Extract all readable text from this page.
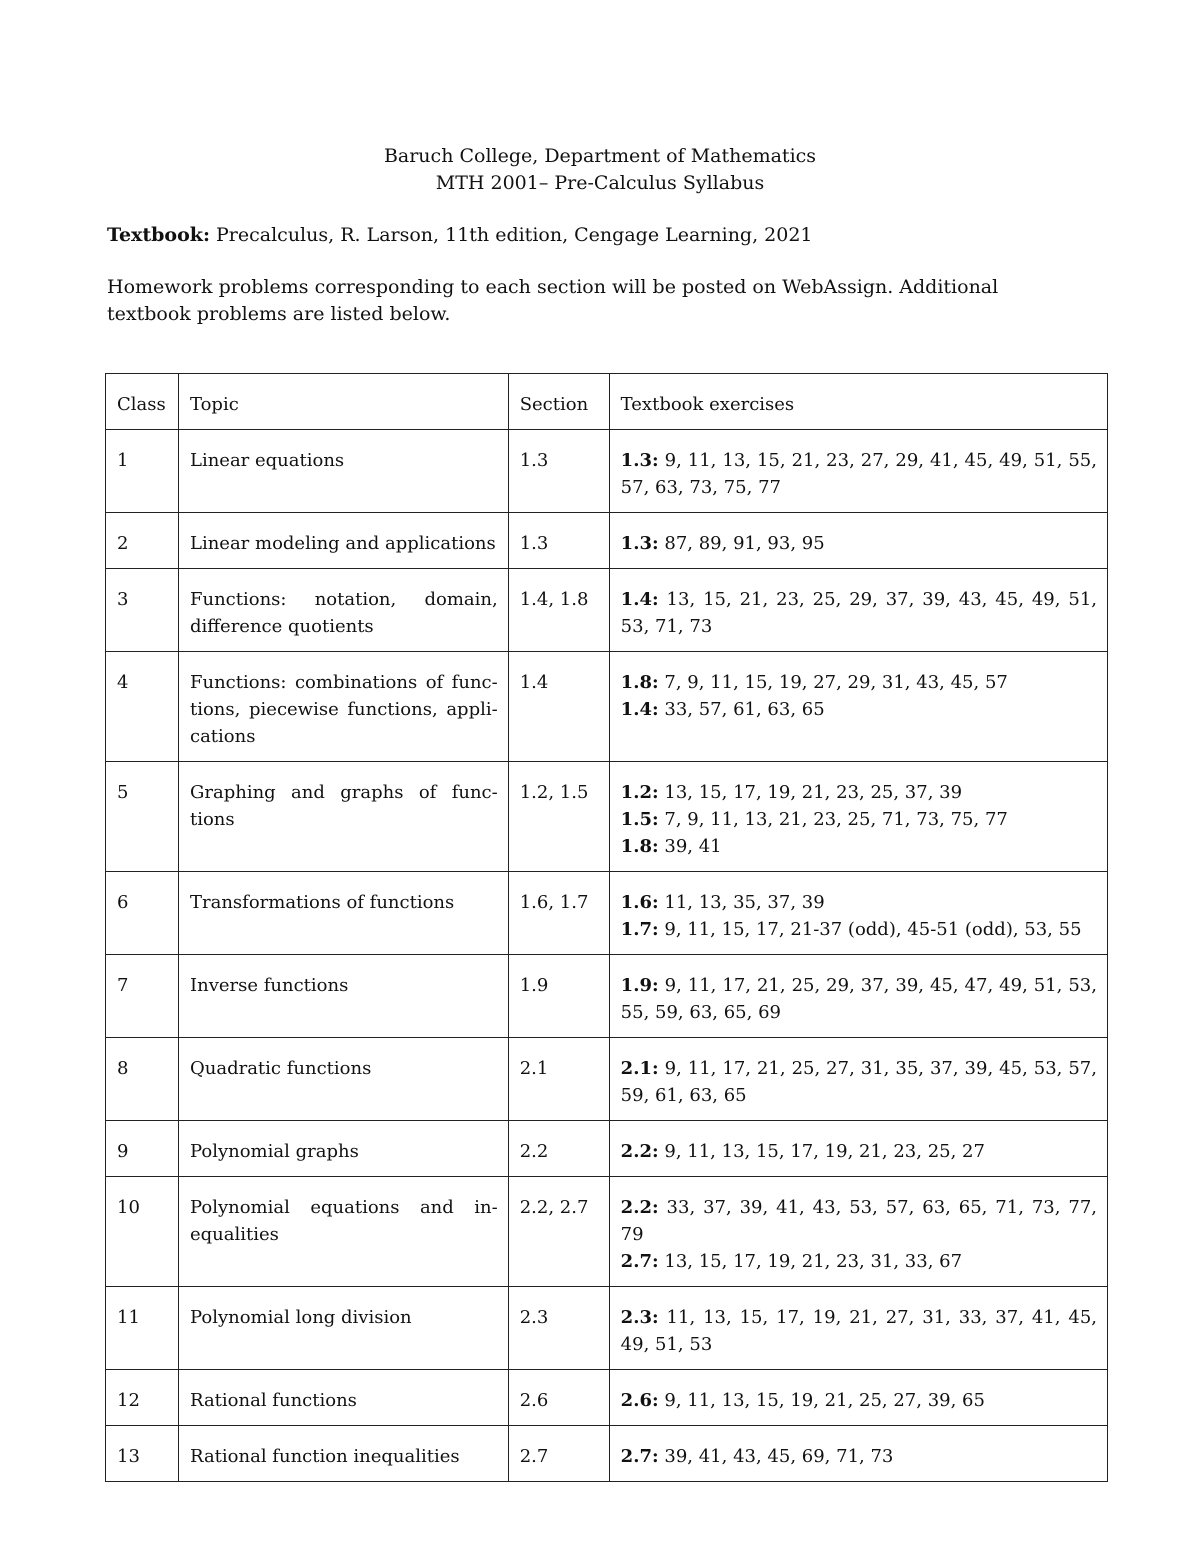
Baruch College, Department of Mathematics
MTH 2001– Pre-Calculus Syllabus
Textbook: Precalculus, R. Larson, 11th edition, Cengage Learning, 2021
Homework problems corresponding to each section will be posted on WebAssign. Additional textbook problems are listed below.
Class	Topic	Section	Textbook exercises
1	Linear equations	1.3	1.3: 9, 11, 13, 15, 21, 23, 27, 29, 41, 45, 49, 51, 55, 57, 63, 73, 75, 77

2	Linear modeling and applications	1.3	1.3: 87, 89, 91, 93, 95

3	Functions: notation, domain, difference quotients	1.4, 1.8	1.4: 13, 15, 21, 23, 25, 29, 37, 39, 43, 45, 49, 51, 53, 71, 73

4	Functions: combinations of func-tions, piecewise functions, appli-cations	1.4	1.8: 7, 9, 11, 15, 19, 27, 29, 31, 43, 45, 57
1.4: 33, 57, 61, 63, 65

5	Graphing and graphs of func-tions	1.2, 1.5	1.2: 13, 15, 17, 19, 21, 23, 25, 37, 39
1.5: 7, 9, 11, 13, 21, 23, 25, 71, 73, 75, 77
1.8: 39, 41

6	Transformations of functions	1.6, 1.7	1.6: 11, 13, 35, 37, 39
1.7: 9, 11, 15, 17, 21-37 (odd), 45-51 (odd), 53, 55

7	Inverse functions	1.9	1.9: 9, 11, 17, 21, 25, 29, 37, 39, 45, 47, 49, 51, 53, 55, 59, 63, 65, 69

8	Quadratic functions	2.1	2.1: 9, 11, 17, 21, 25, 27, 31, 35, 37, 39, 45, 53, 57, 59, 61, 63, 65

9	Polynomial graphs	2.2	2.2: 9, 11, 13, 15, 17, 19, 21, 23, 25, 27

10	Polynomial equations and in-equalities	2.2, 2.7	2.2: 33, 37, 39, 41, 43, 53, 57, 63, 65, 71, 73, 77, 79
2.7: 13, 15, 17, 19, 21, 23, 31, 33, 67

11	Polynomial long division	2.3	2.3: 11, 13, 15, 17, 19, 21, 27, 31, 33, 37, 41, 45, 49, 51, 53

12	Rational functions	2.6	2.6: 9, 11, 13, 15, 19, 21, 25, 27, 39, 65

13	Rational function inequalities	2.7	2.7: 39, 41, 43, 45, 69, 71, 73
